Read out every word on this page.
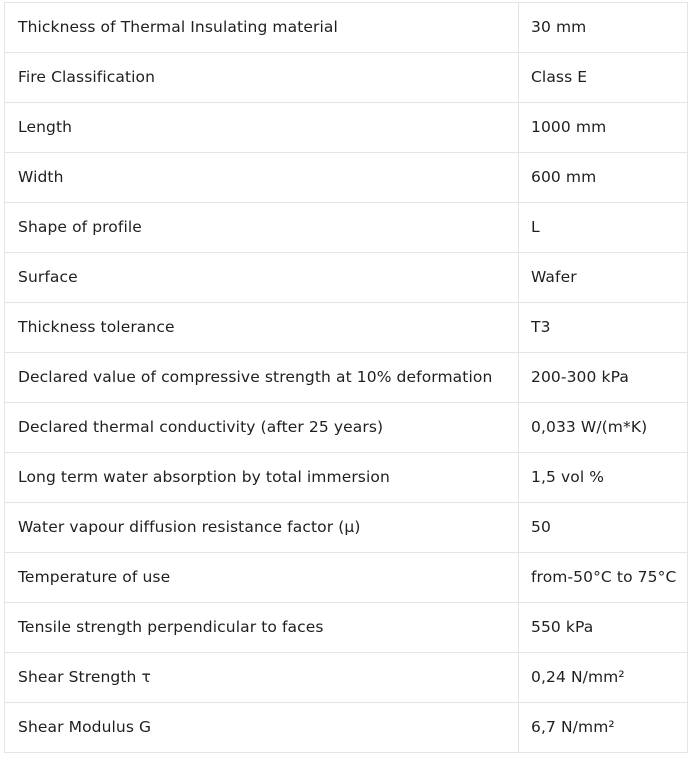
Thickness of Thermal Insulating material	30 mm
Fire Classification	Class E
Length	1000 mm
Width	600 mm
Shape of profile	L
Surface	Wafer
Thickness tolerance	T3
Declared value of compressive strength at 10% deformation	200-300 kPa
Declared thermal conductivity (after 25 years)	0,033 W/(m*K)
Long term water absorption by total immersion	1,5 vol %
Water vapour diffusion resistance factor (μ)	50
Temperature of use	from-50°C to 75°C
Tensile strength perpendicular to faces	550 kPa
Shear Strength τ	0,24 N/mm²
Shear Modulus G	6,7 N/mm²
